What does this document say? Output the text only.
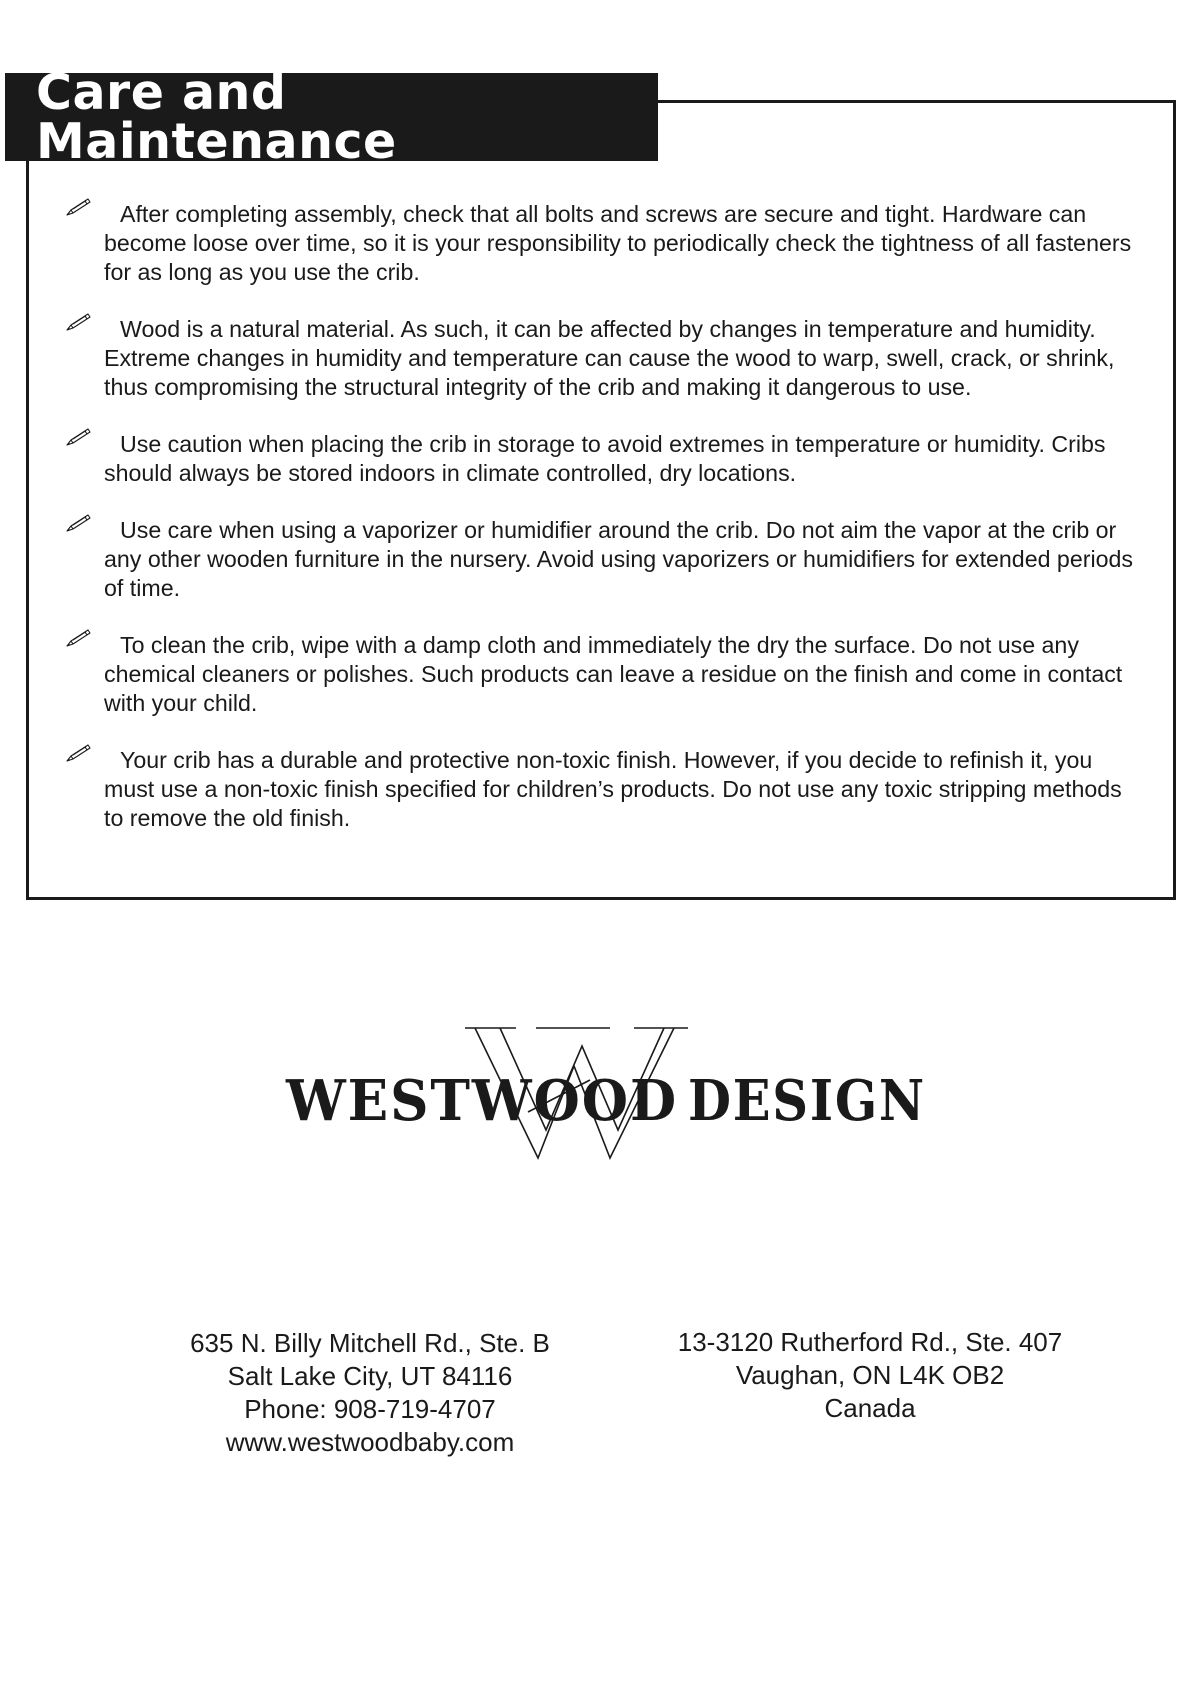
Care and Maintenance
After completing assembly, check that all bolts and screws are secure and tight. Hardware can become loose over time, so it is your responsibility to periodically check the tightness of all fasteners for as long as you use the crib.
Wood is a natural material. As such, it can be affected by changes in temperature and humidity. Extreme changes in humidity and temperature can cause the wood to warp, swell, crack, or shrink, thus compromising the structural integrity of the crib and making it dangerous to use.
Use caution when placing the crib in storage to avoid extremes in temperature or humidity. Cribs should always be stored indoors in climate controlled, dry locations.
Use care when using a vaporizer or humidifier around the crib. Do not aim the vapor at the crib or any other wooden furniture in the nursery. Avoid using vaporizers or humidifiers for extended periods of time.
To clean the crib, wipe with a damp cloth and immediately the dry the surface. Do not use any chemical cleaners or polishes. Such products can leave a residue on the finish and come in contact with your child.
Your crib has a durable and protective non-toxic finish. However, if you decide to refinish it, you must use a non-toxic finish specified for children’s products. Do not use any toxic stripping methods to remove the old finish.
WESTWOOD DESIGN
635 N. Billy Mitchell Rd., Ste. B
Salt Lake City, UT 84116
Phone: 908-719-4707
www.westwoodbaby.com
13-3120 Rutherford Rd., Ste. 407
Vaughan, ON L4K OB2
Canada
